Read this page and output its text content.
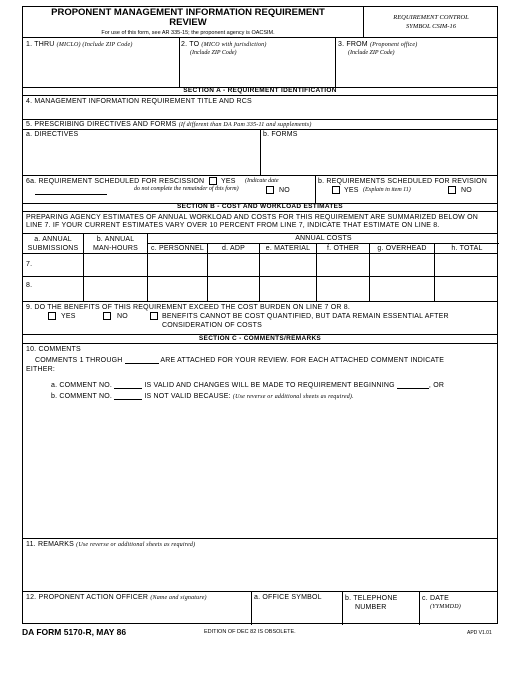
PROPONENT MANAGEMENT INFORMATION REQUIREMENT
REVIEW
For use of this form, see AR 335-15; the proponent agency is OACSIM.
REQUIREMENT CONTROL
SYMBOL CSIM-16
1. THRU (MICLO) (Include ZIP Code)	2. TO (MICO with jurisdiction)
(Include ZIP Code)
3. FROM (Proponent office)
(Include ZIP Code)
SECTION A - REQUIREMENT IDENTIFICATION
4. MANAGEMENT INFORMATION REQUIREMENT TITLE AND RCS
5. PRESCRIBING DIRECTIVES AND FORMS (If different than DA Pam 335-11 and supplements)
a. DIRECTIVES	b. FORMS
6a. REQUIREMENT SCHEDULED FOR RESCISSION YES (Indicate date
do not complete the remainder of this form)	NO
b. REQUIREMENTS SCHEDULED FOR REVISION
YES (Explain in item 11)	NO
SECTION B - COST AND WORKLOAD ESTIMATES
PREPARING AGENCY ESTIMATES OF ANNUAL WORKLOAD AND COSTS FOR THIS REQUIREMENT ARE SUMMARIZED BELOW ON
LINE 7. IF YOUR CURRENT ESTIMATES VARY OVER 10 PERCENT FROM LINE 7, INDICATE THAT ESTIMATE ON LINE 8.
a. ANNUAL
SUBMISSIONS
b. ANNUAL
MAN-HOURS
ANNUAL COSTS
c. PERSONNEL	d. ADP	e. MATERIAL	f. OTHER	g. OVERHEAD	h. TOTAL
7.
8.
9. DO THE BENEFITS OF THIS REQUIREMENT EXCEED THE COST BURDEN ON LINE 7 OR 8.
YES	NO	BENEFITS CANNOT BE COST QUANTIFIED, BUT DATA REMAIN ESSENTIAL AFTER
CONSIDERATION OF COSTS
SECTION C - COMMENTS/REMARKS
10. COMMENTS
COMMENTS 1 THROUGH	ARE ATTACHED FOR YOUR REVIEW. FOR EACH ATTACHED COMMENT INDICATE
EITHER:
a. COMMENT NO.	IS VALID AND CHANGES WILL BE MADE TO REQUIREMENT BEGINNING	, OR
b. COMMENT NO.	IS NOT VALID BECAUSE: (Use reverse or additional sheets as required).
11. REMARKS (Use reverse or additional sheets as required)
12. PROPONENT ACTION OFFICER (Name and signature)	a. OFFICE SYMBOL	b. TELEPHONE
NUMBER
c. DATE
(YYMMDD)
DA FORM 5170-R, MAY 86	EDITION OF DEC 82 IS OBSOLETE.	APD V1.01
